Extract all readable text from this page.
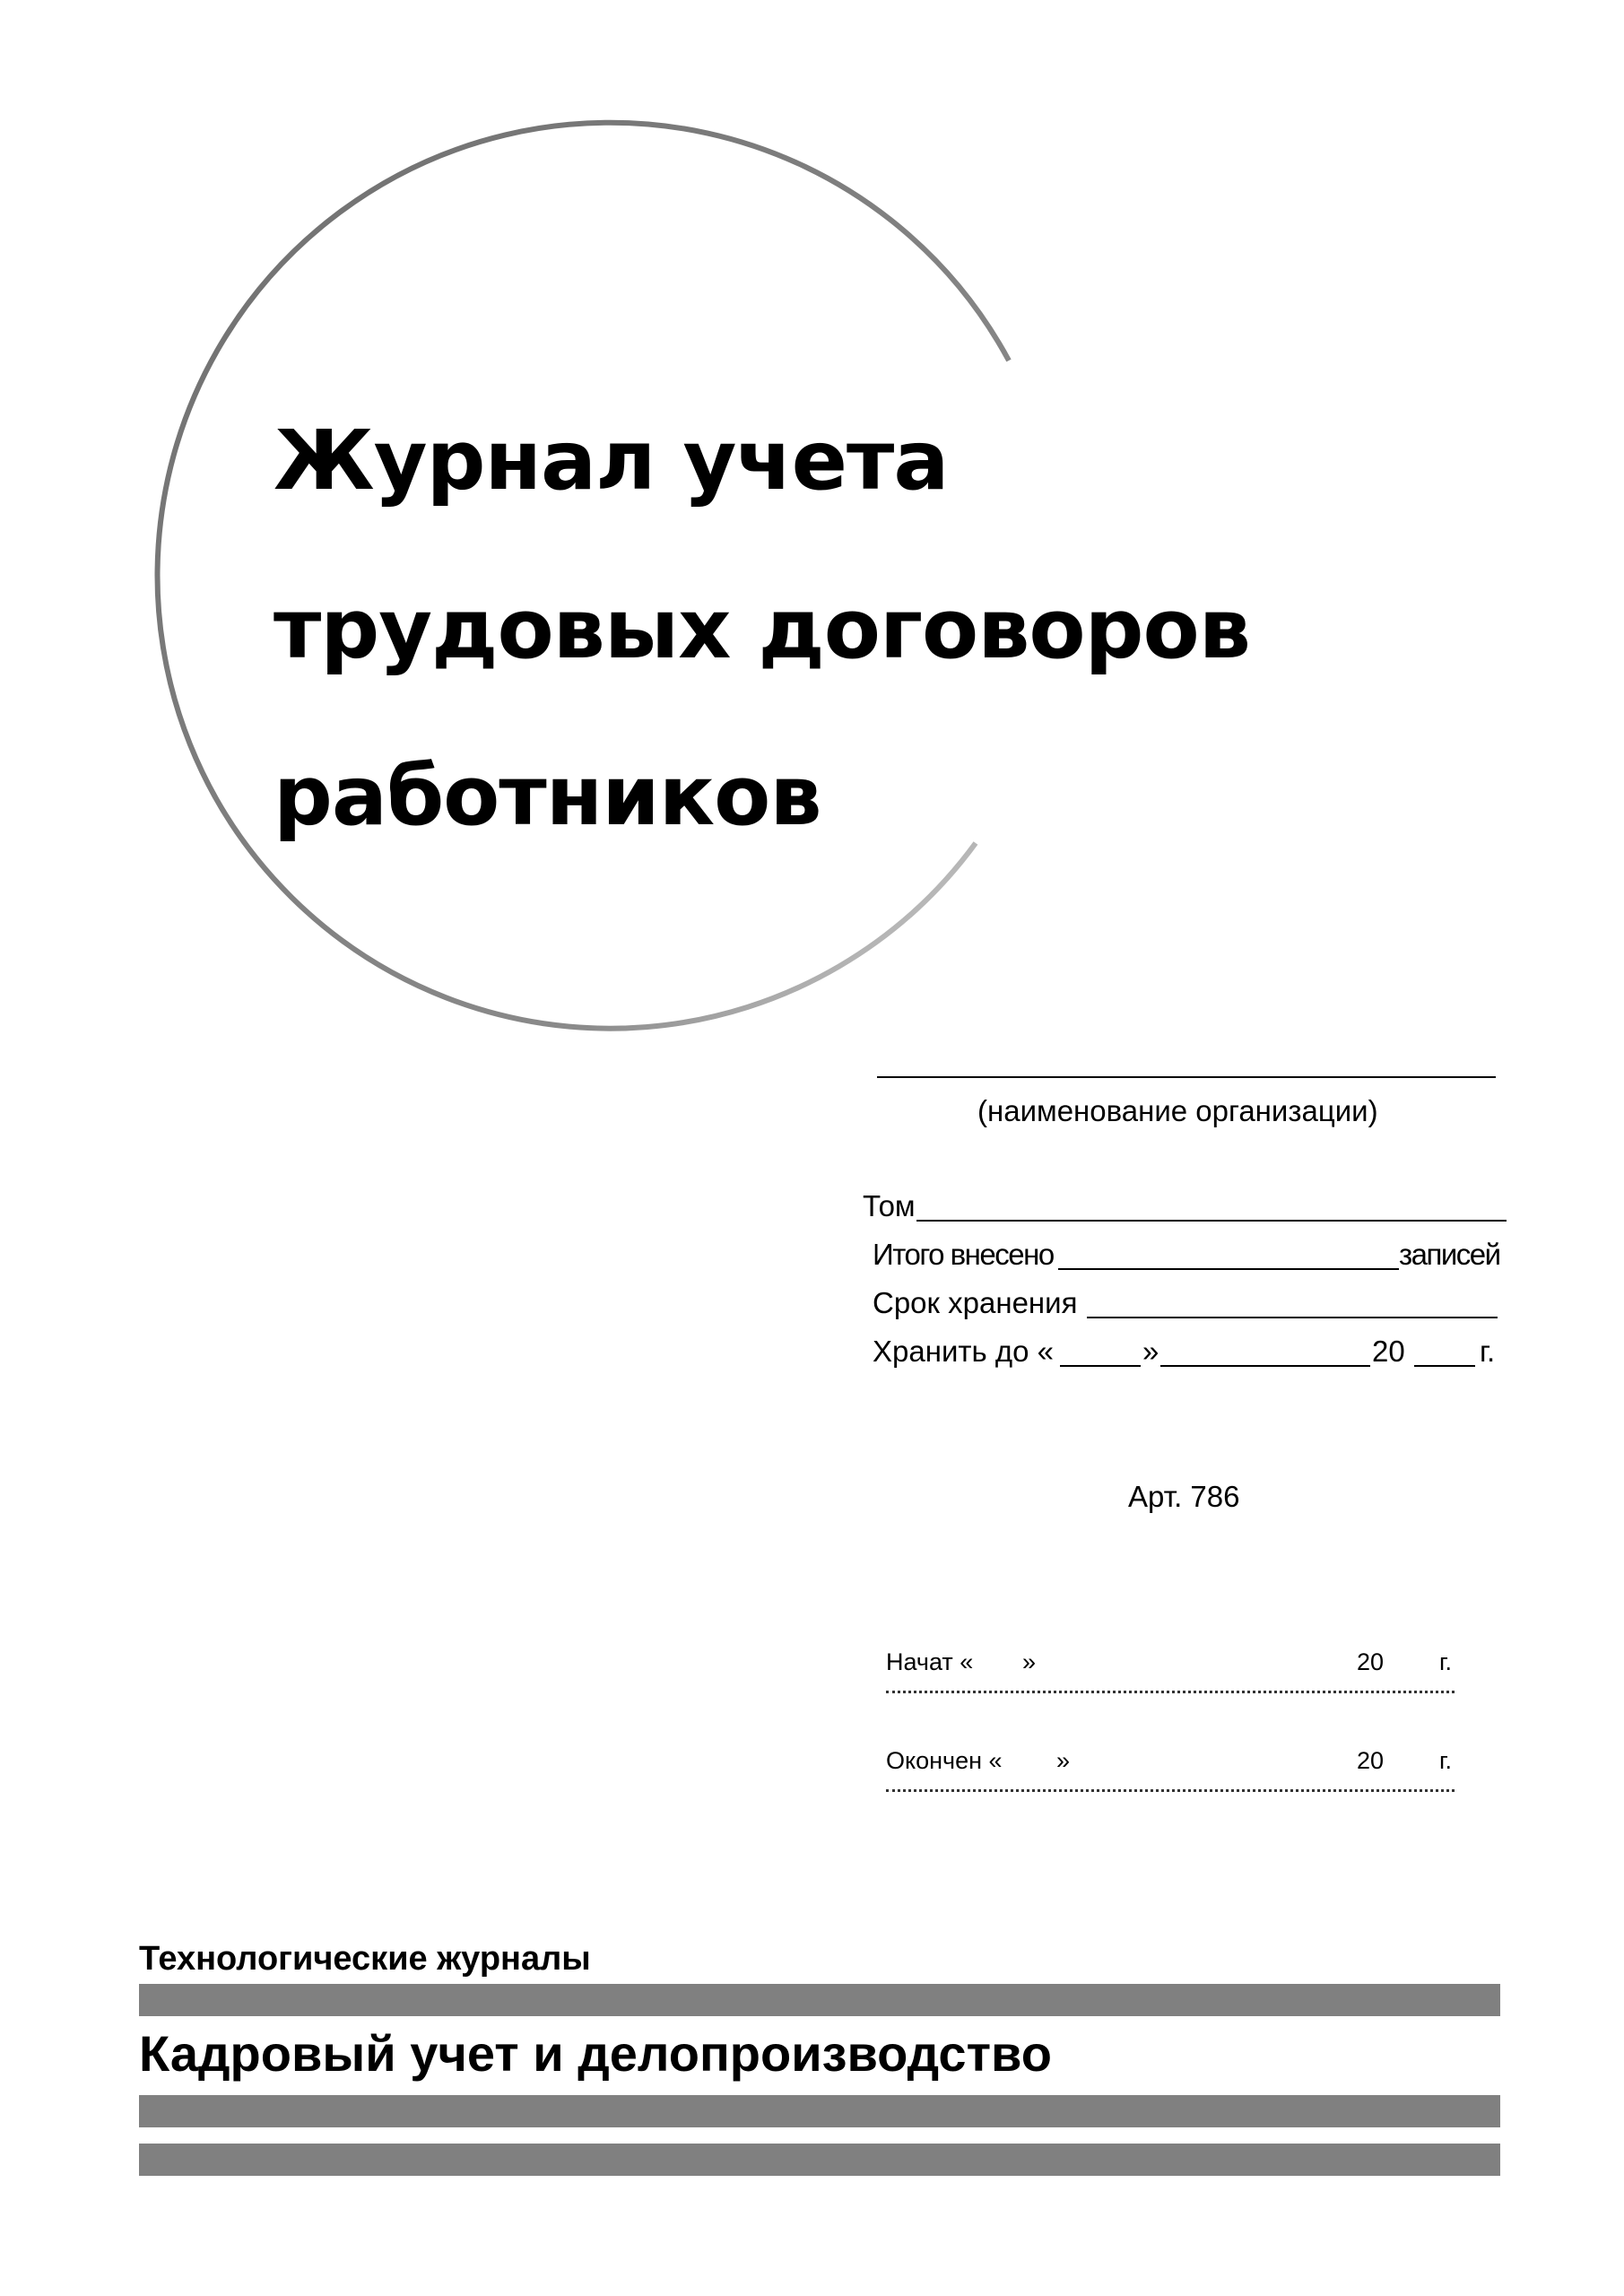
Журнал учета
трудовых договоров
работников
(наименование организации)
Том
Итого внесено	записей
Срок хранения
Хранить до «	»	20	г.
Арт. 786
Начат « »	20 г.
Окончен « »	20 г.
Технологические журналы
Кадровый учет и делопроизводство
